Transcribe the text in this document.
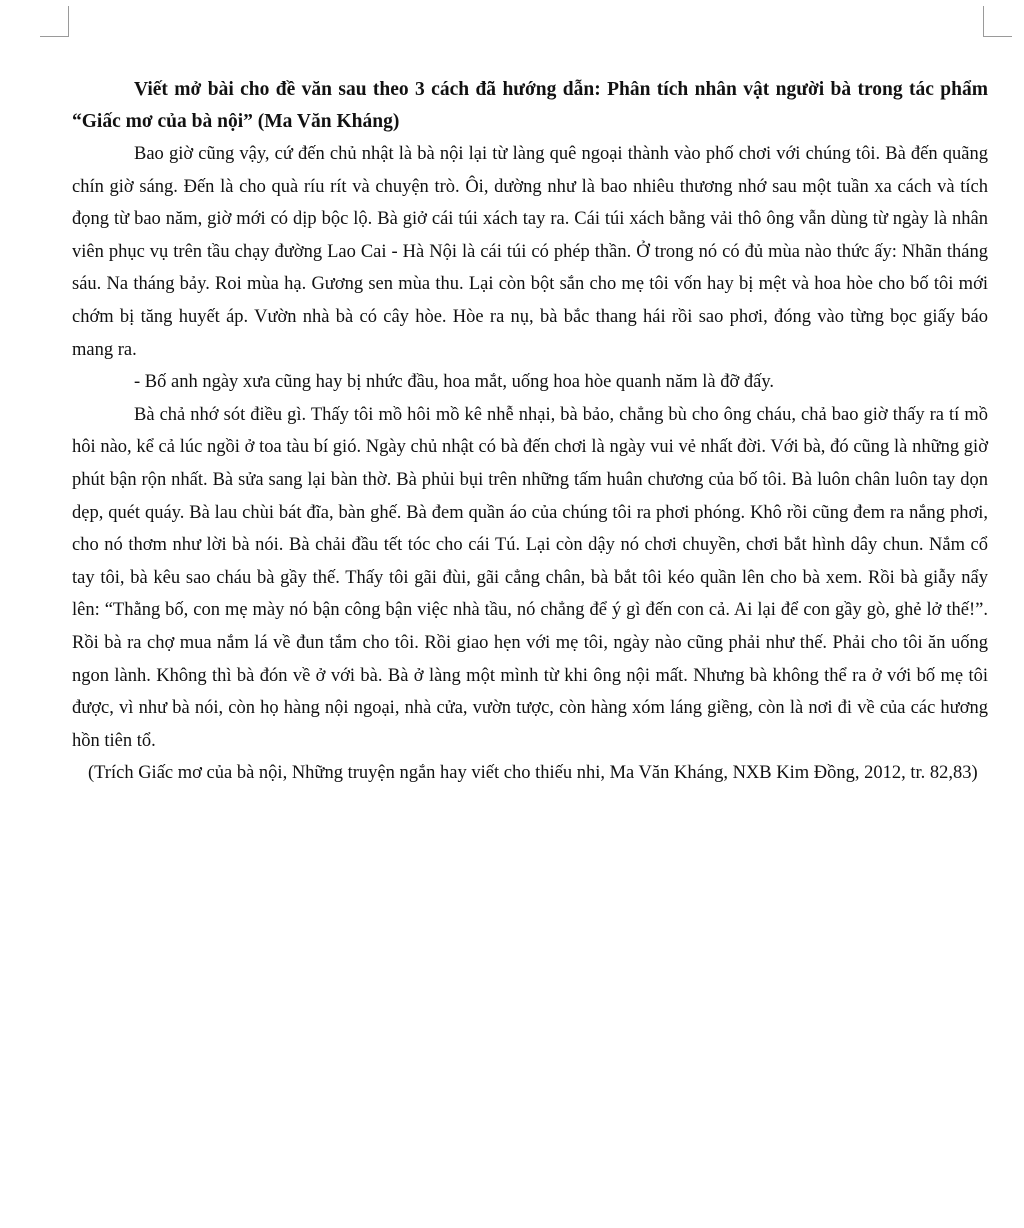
Viết mở bài cho đề văn sau theo 3 cách đã hướng dẫn: Phân tích nhân vật người bà trong tác phẩm “Giấc mơ của bà nội” (Ma Văn Kháng)

Bao giờ cũng vậy, cứ đến chủ nhật là bà nội lại từ làng quê ngoại thành vào phố chơi với chúng tôi. Bà đến quãng chín giờ sáng. Đến là cho quà ríu rít và chuyện trò. Ôi, dường như là bao nhiêu thương nhớ sau một tuần xa cách và tích đọng từ bao năm, giờ mới có dịp bộc lộ. Bà giở cái túi xách tay ra. Cái túi xách bằng vải thô ông vẫn dùng từ ngày là nhân viên phục vụ trên tầu chạy đường Lao Cai - Hà Nội là cái túi có phép thần. Ở trong nó có đủ mùa nào thức ấy: Nhãn tháng sáu. Na tháng bảy. Roi mùa hạ. Gương sen mùa thu. Lại còn bột sắn cho mẹ tôi vốn hay bị mệt và hoa hòe cho bố tôi mới chớm bị tăng huyết áp. Vườn nhà bà có cây hòe. Hòe ra nụ, bà bắc thang hái rồi sao phơi, đóng vào từng bọc giấy báo mang ra.

- Bố anh ngày xưa cũng hay bị nhức đầu, hoa mắt, uống hoa hòe quanh năm là đỡ đấy.

Bà chả nhớ sót điều gì. Thấy tôi mồ hôi mồ kê nhễ nhại, bà bảo, chẳng bù cho ông cháu, chả bao giờ thấy ra tí mồ hôi nào, kể cả lúc ngồi ở toa tàu bí gió. Ngày chủ nhật có bà đến chơi là ngày vui vẻ nhất đời. Với bà, đó cũng là những giờ phút bận rộn nhất. Bà sửa sang lại bàn thờ. Bà phủi bụi trên những tấm huân chương của bố tôi. Bà luôn chân luôn tay dọn dẹp, quét quáy. Bà lau chùi bát đĩa, bàn ghế. Bà đem quần áo của chúng tôi ra phơi phóng. Khô rồi cũng đem ra nắng phơi, cho nó thơm như lời bà nói. Bà chải đầu tết tóc cho cái Tú. Lại còn dậy nó chơi chuyền, chơi bắt hình dây chun. Nắm cổ tay tôi, bà kêu sao cháu bà gầy thế. Thấy tôi gãi đùi, gãi cẳng chân, bà bắt tôi kéo quần lên cho bà xem. Rồi bà giẫy nẩy lên: “Thằng bố, con mẹ mày nó bận công bận việc nhà tầu, nó chẳng để ý gì đến con cả. Ai lại để con gầy gò, ghẻ lở thế!”. Rồi bà ra chợ mua nắm lá về đun tắm cho tôi. Rồi giao hẹn với mẹ tôi, ngày nào cũng phải như thế. Phải cho tôi ăn uống ngon lành. Không thì bà đón về ở với bà. Bà ở làng một mình từ khi ông nội mất. Nhưng bà không thể ra ở với bố mẹ tôi được, vì như bà nói, còn họ hàng nội ngoại, nhà cửa, vườn tược, còn hàng xóm láng giềng, còn là nơi đi về của các hương hồn tiên tổ.

(Trích Giấc mơ của bà nội, Những truyện ngắn hay viết cho thiếu nhi, Ma Văn Kháng, NXB Kim Đồng, 2012, tr. 82,83)
